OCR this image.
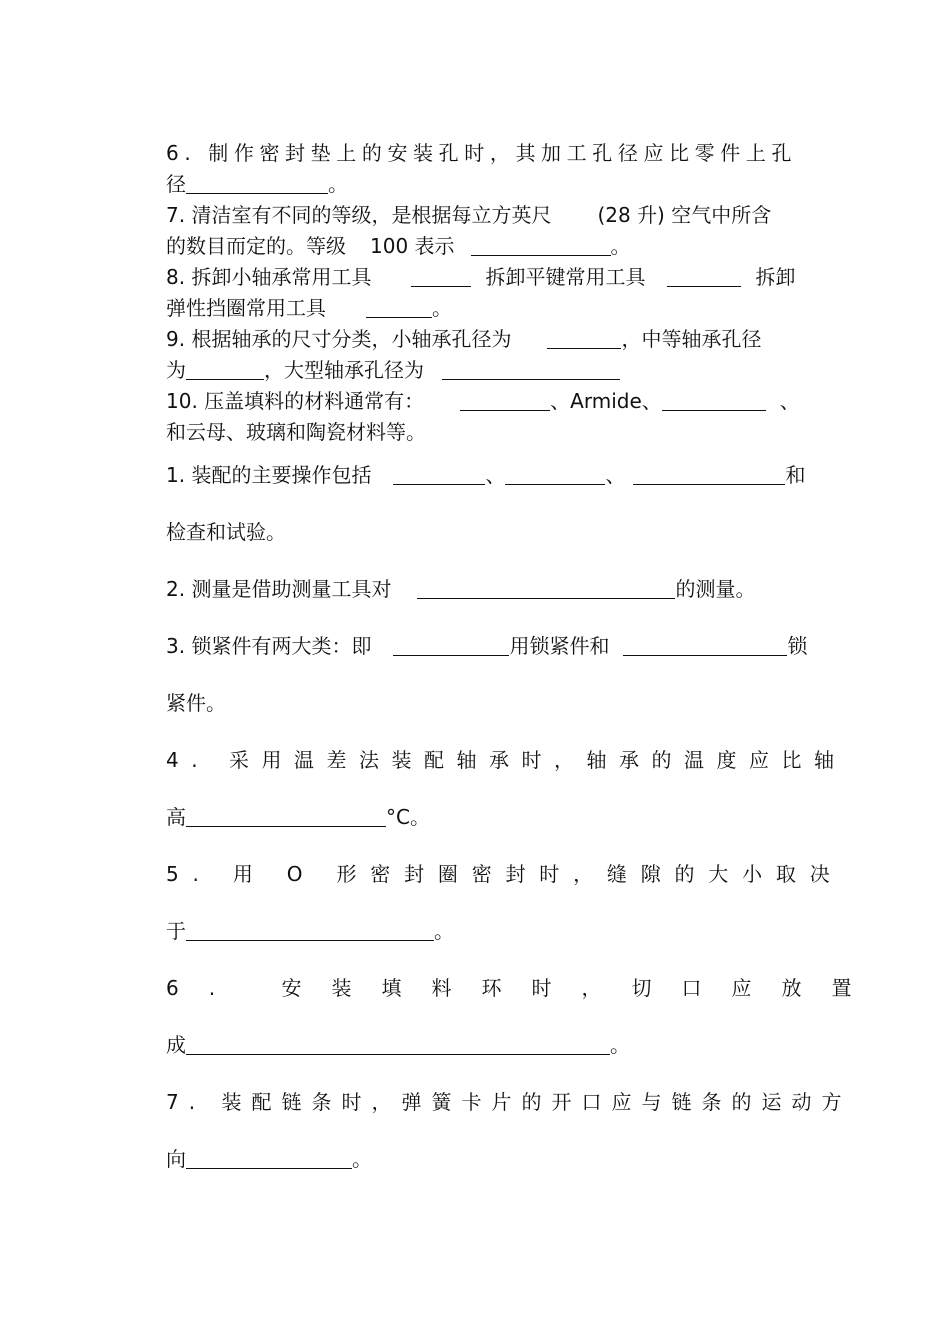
6. 制作密封垫上的安装孔时，其加工孔径应比零件上孔
径	。
7. 清洁室有不同的等级，是根据每立方英尺 (28 升) 空气中所含
的数目而定的。等级 100 表示	。
8. 拆卸小轴承常用工具	拆卸平键常用工具	拆卸
弹性挡圈常用工具	。
9. 根据轴承的尺寸分类，小轴承孔径为	，中等轴承孔径
为	，大型轴承孔径为
10. 压盖填料的材料通常有：	、Armide、	、
和云母、玻璃和陶瓷材料等。
1. 装配的主要操作包括	、	、	和
检查和试验。
2. 测量是借助测量工具对	的测量。
3. 锁紧件有两大类：即	用锁紧件和	锁
紧件。
4. 采用温差法装配轴承时，轴承的温度应比轴
高	°C。
5. 用 O 形密封圈密封时，缝隙的大小取决
于	。
6. 安装填料环时，切口应放置
成	。
7. 装配链条时，弹簧卡片的开口应与链条的运动方
向	。
